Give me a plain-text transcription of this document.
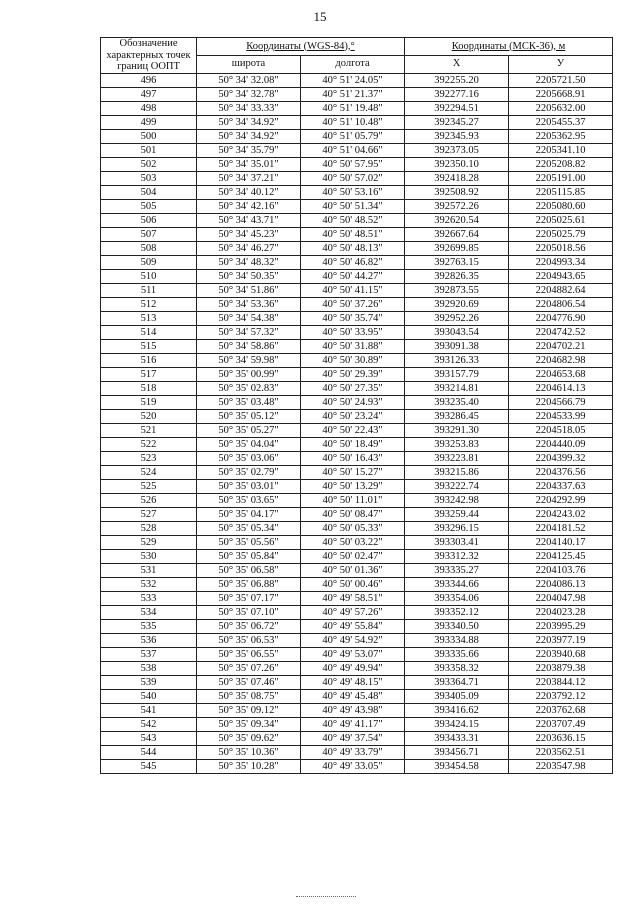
15
Обозначение характерных точек границ ООПТ	Координаты (WGS-84),°		Координаты (МСК-36), м	
	широта	долгота	X	У
496	50° 34' 32.08"	40° 51' 24.05"	392255.20	2205721.50
497	50° 34' 32.78"	40° 51' 21.37"	392277.16	2205668.91
498	50° 34' 33.33"	40° 51' 19.48"	392294.51	2205632.00
499	50° 34' 34.92"	40° 51' 10.48"	392345.27	2205455.37
500	50° 34' 34.92"	40° 51' 05.79"	392345.93	2205362.95
501	50° 34' 35.79"	40° 51' 04.66"	392373.05	2205341.10
502	50° 34' 35.01"	40° 50' 57.95"	392350.10	2205208.82
503	50° 34' 37.21"	40° 50' 57.02"	392418.28	2205191.00
504	50° 34' 40.12"	40° 50' 53.16"	392508.92	2205115.85
505	50° 34' 42.16"	40° 50' 51.34"	392572.26	2205080.60
506	50° 34' 43.71"	40° 50' 48.52"	392620.54	2205025.61
507	50° 34' 45.23"	40° 50' 48.51"	392667.64	2205025.79
508	50° 34' 46.27"	40° 50' 48.13"	392699.85	2205018.56
509	50° 34' 48.32"	40° 50' 46.82"	392763.15	2204993.34
510	50° 34' 50.35"	40° 50' 44.27"	392826.35	2204943.65
511	50° 34' 51.86"	40° 50' 41.15"	392873.55	2204882.64
512	50° 34' 53.36"	40° 50' 37.26"	392920.69	2204806.54
513	50° 34' 54.38"	40° 50' 35.74"	392952.26	2204776.90
514	50° 34' 57.32"	40° 50' 33.95"	393043.54	2204742.52
515	50° 34' 58.86"	40° 50' 31.88"	393091.38	2204702.21
516	50° 34' 59.98"	40° 50' 30.89"	393126.33	2204682.98
517	50° 35' 00.99"	40° 50' 29.39"	393157.79	2204653.68
518	50° 35' 02.83"	40° 50' 27.35"	393214.81	2204614.13
519	50° 35' 03.48"	40° 50' 24.93"	393235.40	2204566.79
520	50° 35' 05.12"	40° 50' 23.24"	393286.45	2204533.99
521	50° 35' 05.27"	40° 50' 22.43"	393291.30	2204518.05
522	50° 35' 04.04"	40° 50' 18.49"	393253.83	2204440.09
523	50° 35' 03.06"	40° 50' 16.43"	393223.81	2204399.32
524	50° 35' 02.79"	40° 50' 15.27"	393215.86	2204376.56
525	50° 35' 03.01"	40° 50' 13.29"	393222.74	2204337.63
526	50° 35' 03.65"	40° 50' 11.01"	393242.98	2204292.99
527	50° 35' 04.17"	40° 50' 08.47"	393259.44	2204243.02
528	50° 35' 05.34"	40° 50' 05.33"	393296.15	2204181.52
529	50° 35' 05.56"	40° 50' 03.22"	393303.41	2204140.17
530	50° 35' 05.84"	40° 50' 02.47"	393312.32	2204125.45
531	50° 35' 06.58"	40° 50' 01.36"	393335.27	2204103.76
532	50° 35' 06.88"	40° 50' 00.46"	393344.66	2204086.13
533	50° 35' 07.17"	40° 49' 58.51"	393354.06	2204047.98
534	50° 35' 07.10"	40° 49' 57.26"	393352.12	2204023.28
535	50° 35' 06.72"	40° 49' 55.84"	393340.50	2203995.29
536	50° 35' 06.53"	40° 49' 54.92"	393334.88	2203977.19
537	50° 35' 06.55"	40° 49' 53.07"	393335.66	2203940.68
538	50° 35' 07.26"	40° 49' 49.94"	393358.32	2203879.38
539	50° 35' 07.46"	40° 49' 48.15"	393364.71	2203844.12
540	50° 35' 08.75"	40° 49' 45.48"	393405.09	2203792.12
541	50° 35' 09.12"	40° 49' 43.98"	393416.62	2203762.68
542	50° 35' 09.34"	40° 49' 41.17"	393424.15	2203707.49
543	50° 35' 09.62"	40° 49' 37.54"	393433.31	2203636.15
544	50° 35' 10.36"	40° 49' 33.79"	393456.71	2203562.51
545	50° 35' 10.28"	40° 49' 33.05"	393454.58	2203547.98
